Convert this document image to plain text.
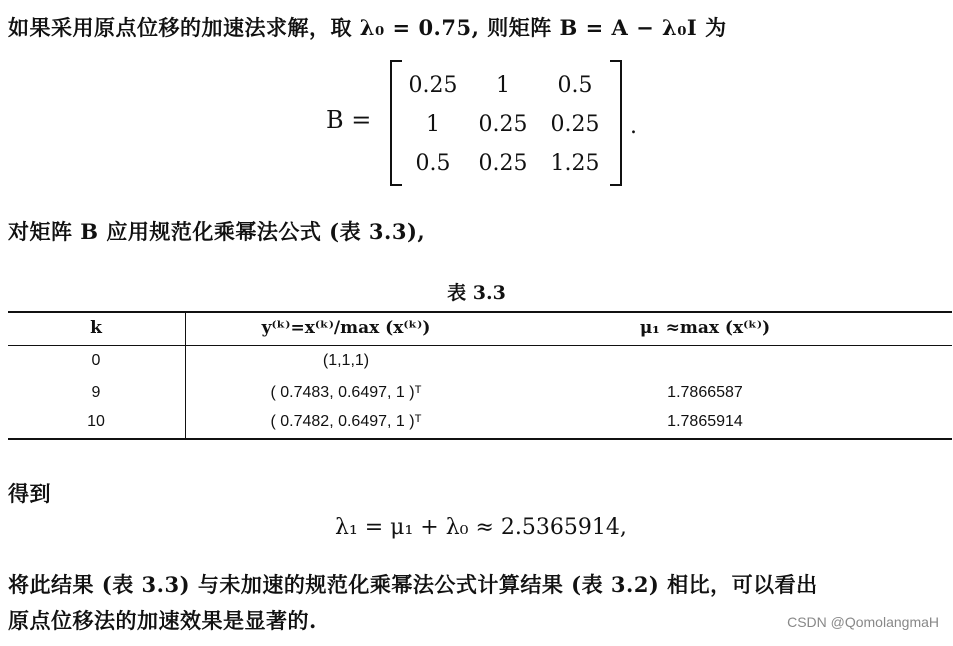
如果采用原点位移的加速法求解，取 λ₀ = 0.75, 则矩阵 B = A − λ₀I 为
B =
0.25	1	0.5
1	0.25	0.25
0.5	0.25	1.25
.
对矩阵 B 应用规范化乘幂法公式 (表 3.3),
表 3.3
k	y⁽ᵏ⁾=x⁽ᵏ⁾/max (x⁽ᵏ⁾)	μ₁ ≈max (x⁽ᵏ⁾)
0	(1,1,1)
9	( 0.7483, 0.6497, 1 )ᵀ	1.7866587
10	( 0.7482, 0.6497, 1 )ᵀ	1.7865914
得到
λ₁ = μ₁ + λ₀ ≈ 2.5365914,
将此结果 (表 3.3) 与未加速的规范化乘幂法公式计算结果 (表 3.2) 相比，可以看出
原点位移法的加速效果是显著的.	CSDN @QomolangmaH
